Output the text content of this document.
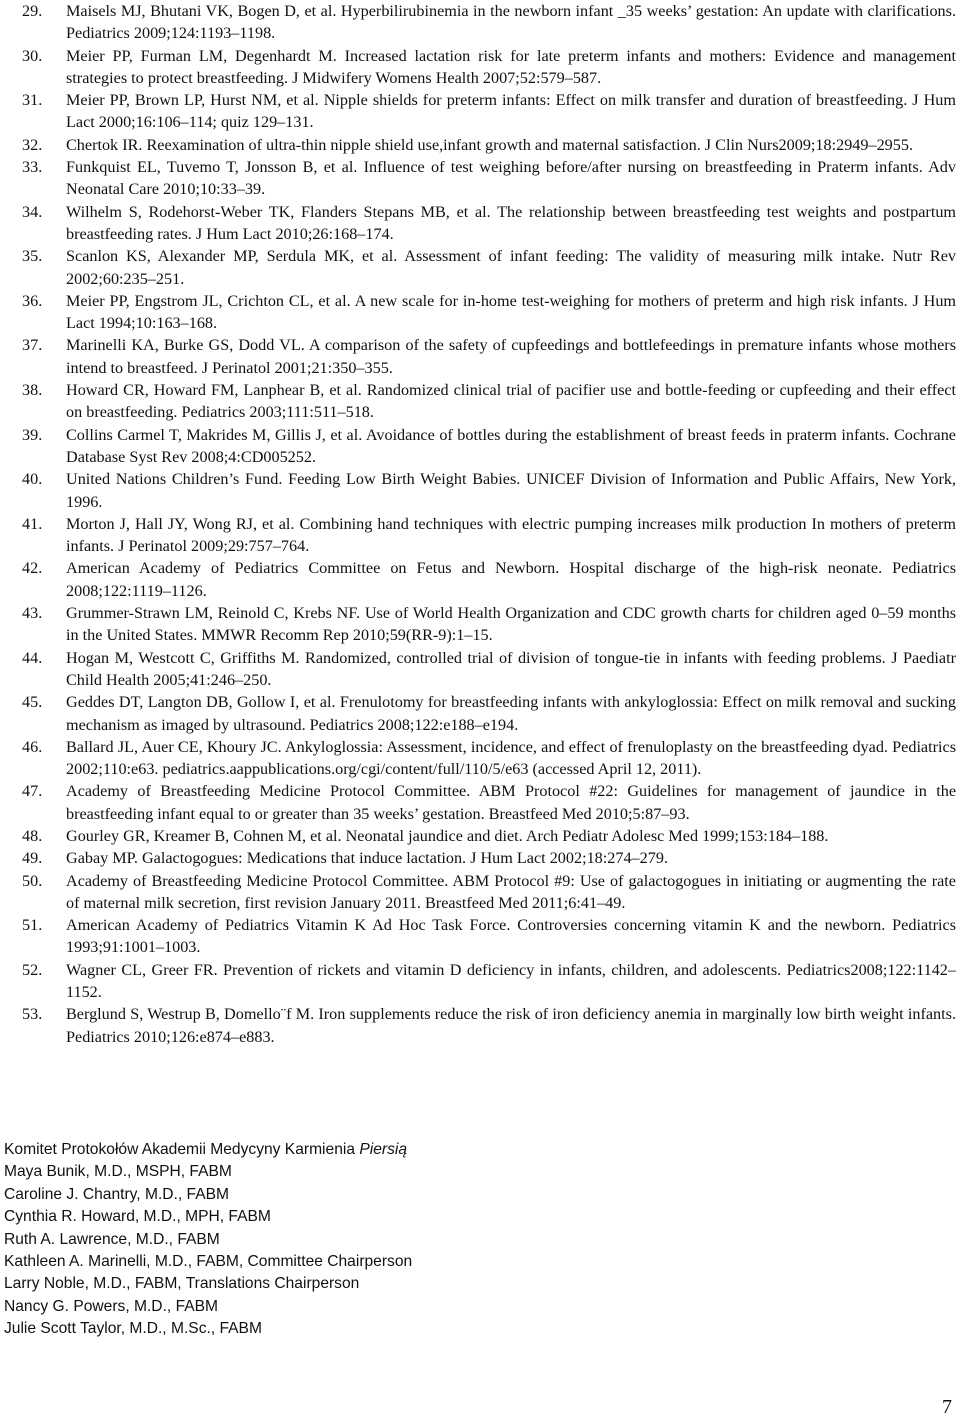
29.	Maisels MJ, Bhutani VK, Bogen D, et al. Hyperbilirubinemia in the newborn infant _35 weeks’ gestation: An update with clarifications. Pediatrics 2009;124:1193–1198.
30.	Meier PP, Furman LM, Degenhardt M. Increased lactation risk for late preterm infants and mothers: Evidence and management strategies to protect breastfeeding. J Midwifery Womens Health 2007;52:579–587.
31.	Meier PP, Brown LP, Hurst NM, et al. Nipple shields for preterm infants: Effect on milk transfer and duration of breastfeeding. J Hum Lact 2000;16:106–114; quiz 129–131.
32.	Chertok IR. Reexamination of ultra-thin nipple shield use,infant growth and maternal satisfaction. J Clin Nurs2009;18:2949–2955.
33.	Funkquist EL, Tuvemo T, Jonsson B, et al. Influence of test weighing before/after nursing on breastfeeding in Praterm infants. Adv Neonatal Care 2010;10:33–39.
34.	Wilhelm S, Rodehorst-Weber TK, Flanders Stepans MB, et al. The relationship between breastfeeding test weights and postpartum breastfeeding rates. J Hum Lact 2010;26:168–174.
35.	Scanlon KS, Alexander MP, Serdula MK, et al. Assessment of infant feeding: The validity of measuring milk intake. Nutr Rev 2002;60:235–251.
36.	Meier PP, Engstrom JL, Crichton CL, et al. A new scale for in-home test-weighing for mothers of preterm and high risk infants. J Hum Lact 1994;10:163–168.
37.	Marinelli KA, Burke GS, Dodd VL. A comparison of the safety of cupfeedings and bottlefeedings in premature infants whose mothers intend to breastfeed. J Perinatol 2001;21:350–355.
38.	Howard CR, Howard FM, Lanphear B, et al. Randomized clinical trial of pacifier use and bottle-feeding or cupfeeding and their effect on breastfeeding. Pediatrics 2003;111:511–518.
39.	Collins Carmel T, Makrides M, Gillis J, et al. Avoidance of bottles during the establishment of breast feeds in praterm infants. Cochrane Database Syst Rev 2008;4:CD005252.
40.	United Nations Children’s Fund. Feeding Low Birth Weight Babies. UNICEF Division of Information and Public Affairs, New York, 1996.
41.	Morton J, Hall JY, Wong RJ, et al. Combining hand techniques with electric pumping increases milk production In mothers of preterm infants. J Perinatol 2009;29:757–764.
42.	American Academy of Pediatrics Committee on Fetus and Newborn. Hospital discharge of the high-risk neonate. Pediatrics 2008;122:1119–1126.
43.	Grummer-Strawn LM, Reinold C, Krebs NF. Use of World Health Organization and CDC growth charts for children aged 0–59 months in the United States. MMWR Recomm Rep 2010;59(RR-9):1–15.
44.	Hogan M, Westcott C, Griffiths M. Randomized, controlled trial of division of tongue-tie in infants with feeding problems. J Paediatr Child Health 2005;41:246–250.
45.	Geddes DT, Langton DB, Gollow I, et al. Frenulotomy for breastfeeding infants with ankyloglossia: Effect on milk removal and sucking mechanism as imaged by ultrasound. Pediatrics 2008;122:e188–e194.
46.	Ballard JL, Auer CE, Khoury JC. Ankyloglossia: Assessment, incidence, and effect of frenuloplasty on the breastfeeding dyad. Pediatrics 2002;110:e63. pediatrics.aappublications.org/cgi/content/full/110/5/e63 (accessed April 12, 2011).
47.	Academy of Breastfeeding Medicine Protocol Committee. ABM Protocol #22: Guidelines for management of jaundice in the breastfeeding infant equal to or greater than 35 weeks’ gestation. Breastfeed Med 2010;5:87–93.
48.	Gourley GR, Kreamer B, Cohnen M, et al. Neonatal jaundice and diet. Arch Pediatr Adolesc Med 1999;153:184–188.
49.	Gabay MP. Galactogogues: Medications that induce lactation. J Hum Lact 2002;18:274–279.
50.	Academy of Breastfeeding Medicine Protocol Committee. ABM Protocol #9: Use of galactogogues in initiating or augmenting the rate of maternal milk secretion, first revision January 2011. Breastfeed Med 2011;6:41–49.
51.	American Academy of Pediatrics Vitamin K Ad Hoc Task Force. Controversies concerning vitamin K and the newborn. Pediatrics 1993;91:1001–1003.
52.	Wagner CL, Greer FR. Prevention of rickets and vitamin D deficiency in infants, children, and adolescents. Pediatrics2008;122:1142–1152.
53.	Berglund S, Westrup B, Domello¨f M. Iron supplements reduce the risk of iron deficiency anemia in marginally low birth weight infants. Pediatrics 2010;126:e874–e883.
Komitet Protokołów Akademii Medycyny Karmienia Piersią
Maya Bunik, M.D., MSPH, FABM
Caroline J. Chantry, M.D., FABM
Cynthia R. Howard, M.D., MPH, FABM
Ruth A. Lawrence, M.D., FABM
Kathleen A. Marinelli, M.D., FABM, Committee Chairperson
Larry Noble, M.D., FABM, Translations Chairperson
Nancy G. Powers, M.D., FABM
Julie Scott Taylor, M.D., M.Sc., FABM
7
